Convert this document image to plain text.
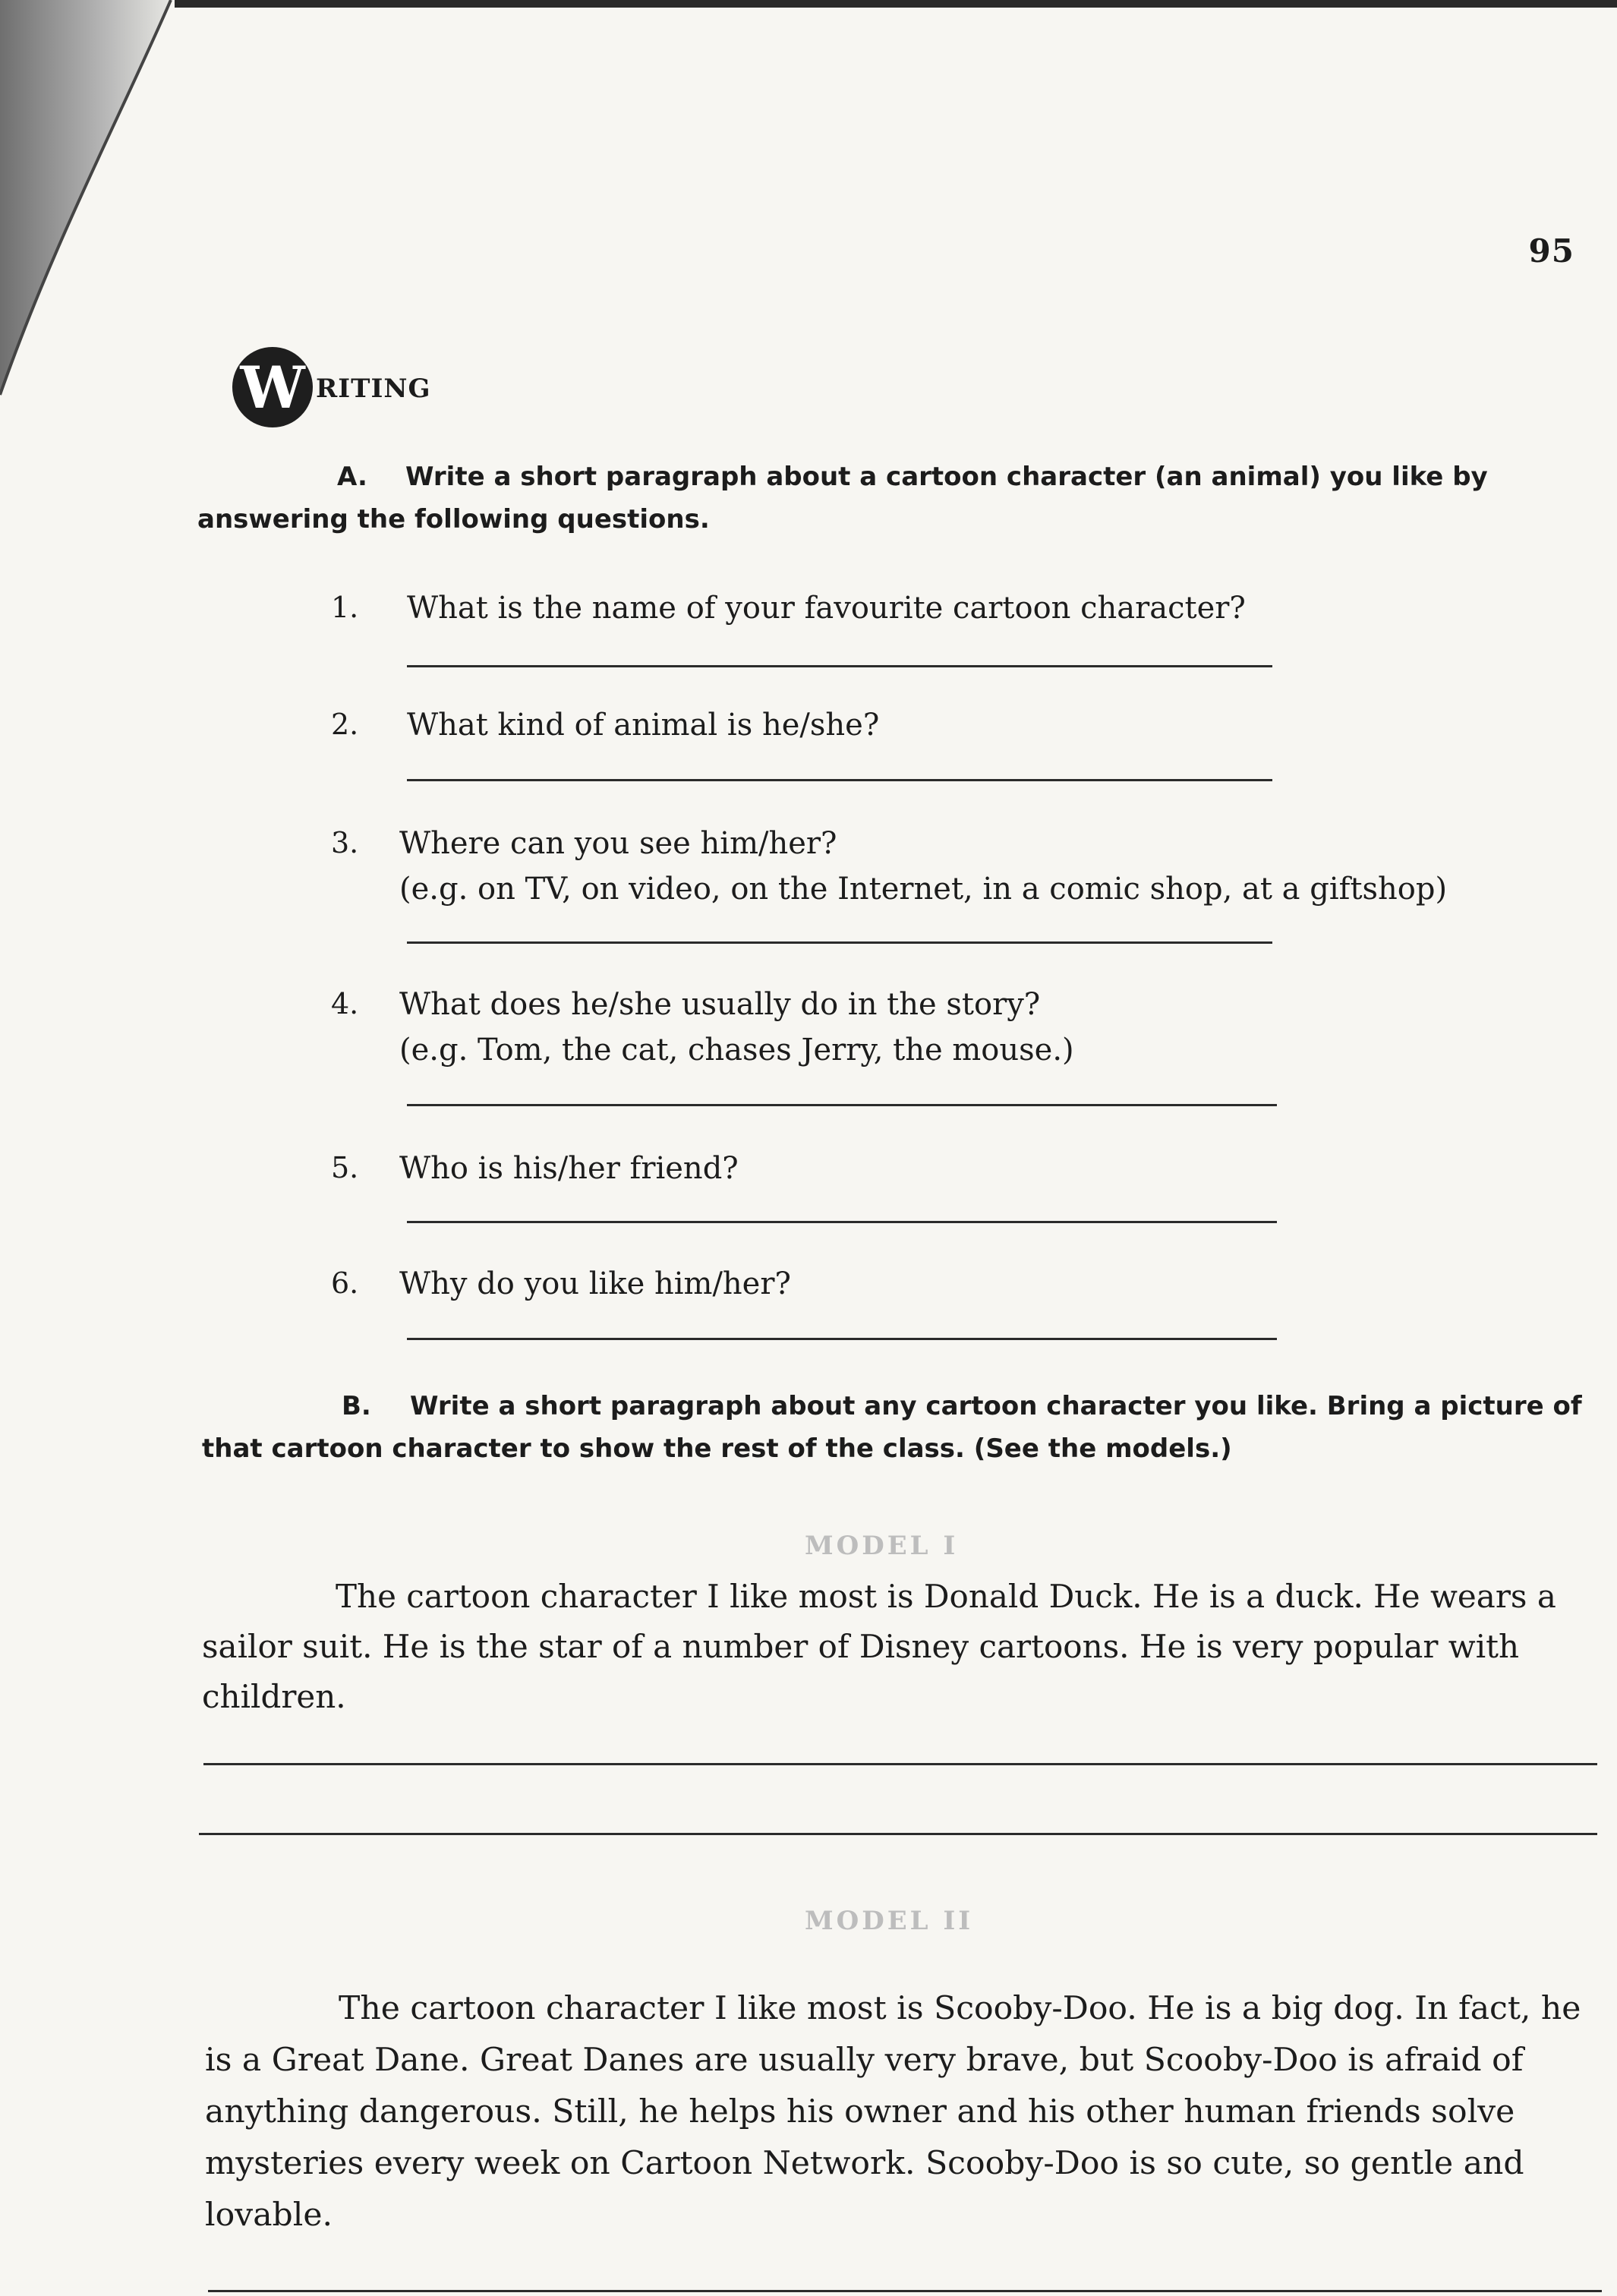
95
W RITING
A. Write a short paragraph about a cartoon character (an animal) you like by answering the following questions.
1.	What is the name of your favourite cartoon character?
2.	What kind of animal is he/she?
3.	Where can you see him/her?
(e.g. on TV, on video, on the Internet, in a comic shop, at a giftshop)
4.	What does he/she usually do in the story?
(e.g. Tom, the cat, chases Jerry, the mouse.)
5.	Who is his/her friend?
6.	Why do you like him/her?
B. Write a short paragraph about any cartoon character you like. Bring a picture of that cartoon character to show the rest of the class. (See the models.)
MODEL I
The cartoon character I like most is Donald Duck. He is a duck. He wears a sailor suit. He is the star of a number of Disney cartoons. He is very popular with children.
MODEL II
The cartoon character I like most is Scooby-Doo. He is a big dog. In fact, he is a Great Dane. Great Danes are usually very brave, but Scooby-Doo is afraid of anything dangerous. Still, he helps his owner and his other human friends solve mysteries every week on Cartoon Network. Scooby-Doo is so cute, so gentle and lovable.
